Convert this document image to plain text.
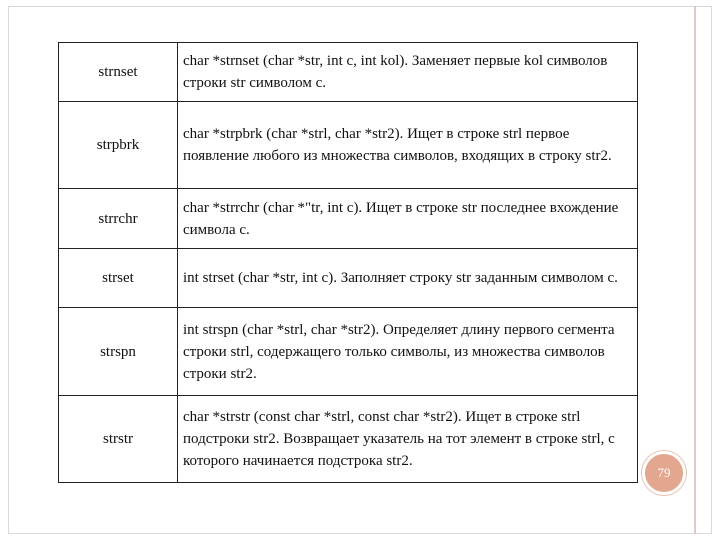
strnset	char *strnset (char *str, int c, int kol). Заменяет первые kol символов строки str символом c.
strpbrk	char *strpbrk (char *strl, char *str2). Ищет в строке strl первое появление любого из множества символов, входящих в строку str2.
strrchr	char *strrchr (char *"tr, int c). Ищет в строке str последнее вхождение символа с.
strset	int strset (char *str, int c). Заполняет строку str заданным символом с.
strspn	int strspn (char *strl, char *str2). Определяет длину первого сегмента строки strl, содержащего только символы, из множества символов строки str2.
strstr	char *strstr (const char *strl, const char *str2). Ищет в строке strl подстроки str2. Возвращает указатель на тот элемент в строке strl, с которого начинается подстрока str2.
79
